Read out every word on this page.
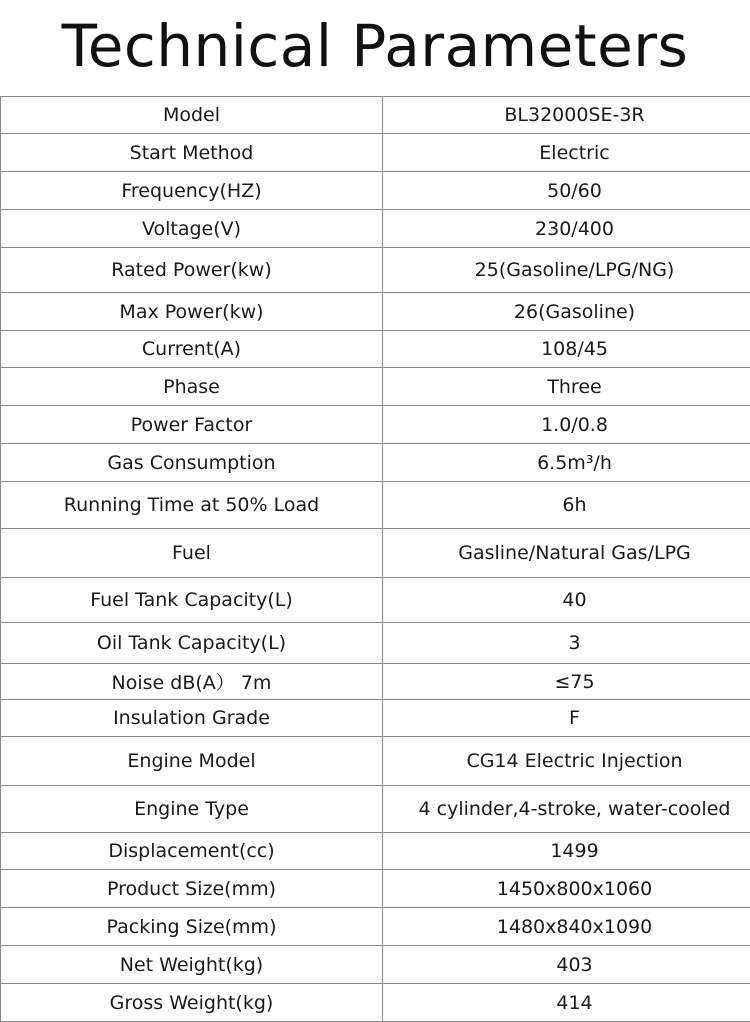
Technical Parameters
Model	BL32000SE-3R
Start Method	Electric
Frequency(HZ)	50/60
Voltage(V)	230/400
Rated Power(kw)	25(Gasoline/LPG/NG)
Max Power(kw)	26(Gasoline)
Current(A)	108/45
Phase	Three
Power Factor	1.0/0.8
Gas Consumption	6.5m³/h
Running Time at 50% Load	6h
Fuel	Gasline/Natural Gas/LPG
Fuel Tank Capacity(L)	40
Oil Tank Capacity(L)	3
Noise dB(A） 7m	≤75
Insulation Grade	F
Engine Model	CG14 Electric Injection
Engine Type	4 cylinder,4-stroke, water-cooled
Displacement(cc)	1499
Product Size(mm)	1450x800x1060
Packing Size(mm)	1480x840x1090
Net Weight(kg)	403
Gross Weight(kg)	414
